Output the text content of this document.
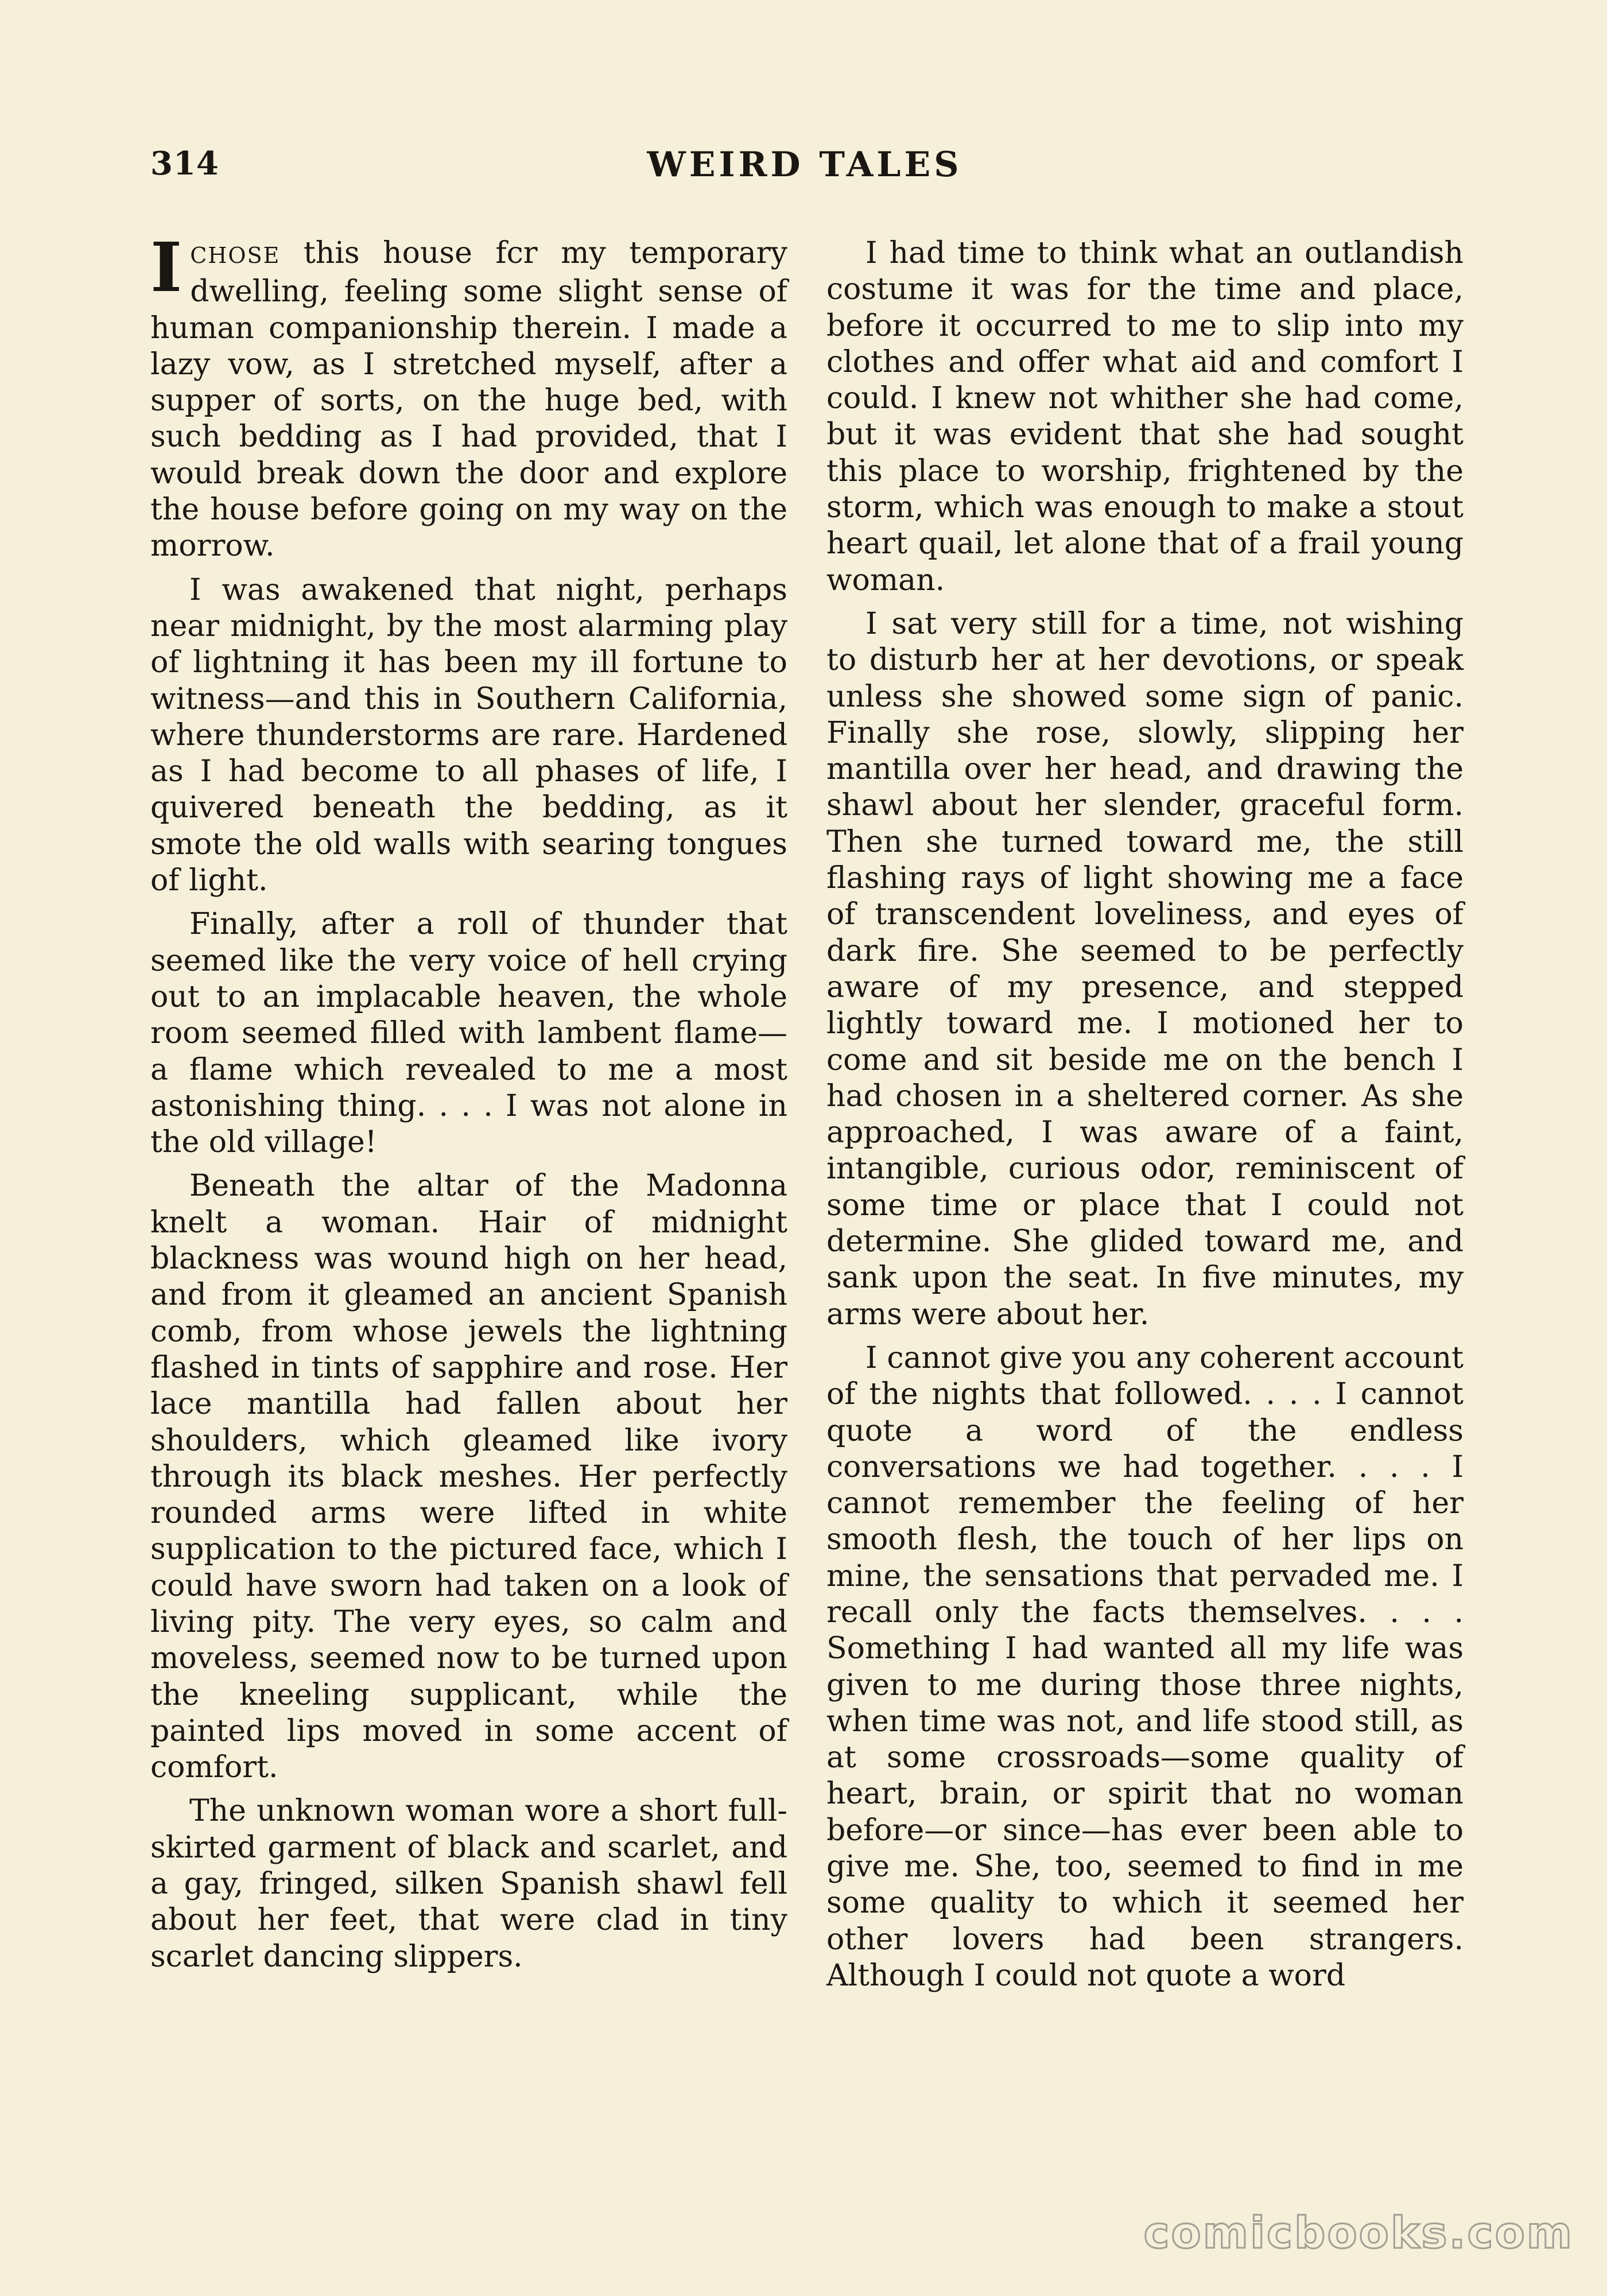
314	WEIRD TALES

ICHOSE this house fcr my temporary dwelling, feeling some slight sense of human companionship therein. I made a lazy vow, as I stretched myself, after a supper of sorts, on the huge bed, with such bedding as I had provided, that I would break down the door and explore the house before going on my way on the morrow.

I was awakened that night, perhaps near midnight, by the most alarming play of lightning it has been my ill fortune to witness—and this in Southern California, where thunderstorms are rare. Hardened as I had become to all phases of life, I quivered beneath the bedding, as it smote the old walls with searing tongues of light.

Finally, after a roll of thunder that seemed like the very voice of hell crying out to an implacable heaven, the whole room seemed filled with lambent flame—a flame which revealed to me a most astonishing thing. . . . I was not alone in the old village!

Beneath the altar of the Madonna knelt a woman. Hair of midnight blackness was wound high on her head, and from it gleamed an ancient Spanish comb, from whose jewels the lightning flashed in tints of sapphire and rose. Her lace mantilla had fallen about her shoulders, which gleamed like ivory through its black meshes. Her perfectly rounded arms were lifted in white supplication to the pictured face, which I could have sworn had taken on a look of living pity. The very eyes, so calm and moveless, seemed now to be turned upon the kneeling supplicant, while the painted lips moved in some accent of comfort.

The unknown woman wore a short full-skirted garment of black and scarlet, and a gay, fringed, silken Spanish shawl fell about her feet, that were clad in tiny scarlet dancing slippers.

I had time to think what an outlandish costume it was for the time and place, before it occurred to me to slip into my clothes and offer what aid and comfort I could. I knew not whither she had come, but it was evident that she had sought this place to worship, frightened by the storm, which was enough to make a stout heart quail, let alone that of a frail young woman.

I sat very still for a time, not wishing to disturb her at her devotions, or speak unless she showed some sign of panic. Finally she rose, slowly, slipping her mantilla over her head, and drawing the shawl about her slender, graceful form. Then she turned toward me, the still flashing rays of light showing me a face of transcendent loveliness, and eyes of dark fire. She seemed to be perfectly aware of my presence, and stepped lightly toward me. I motioned her to come and sit beside me on the bench I had chosen in a sheltered corner. As she approached, I was aware of a faint, intangible, curious odor, reminiscent of some time or place that I could not determine. She glided toward me, and sank upon the seat. In five minutes, my arms were about her.

I cannot give you any coherent account of the nights that followed. . . . I cannot quote a word of the endless conversations we had together. . . . I cannot remember the feeling of her smooth flesh, the touch of her lips on mine, the sensations that pervaded me. I recall only the facts themselves. . . . Something I had wanted all my life was given to me during those three nights, when time was not, and life stood still, as at some crossroads—some quality of heart, brain, or spirit that no woman before—or since—has ever been able to give me. She, too, seemed to find in me some quality to which it seemed her other lovers had been strangers. Although I could not quote a word

comicbooks.com
